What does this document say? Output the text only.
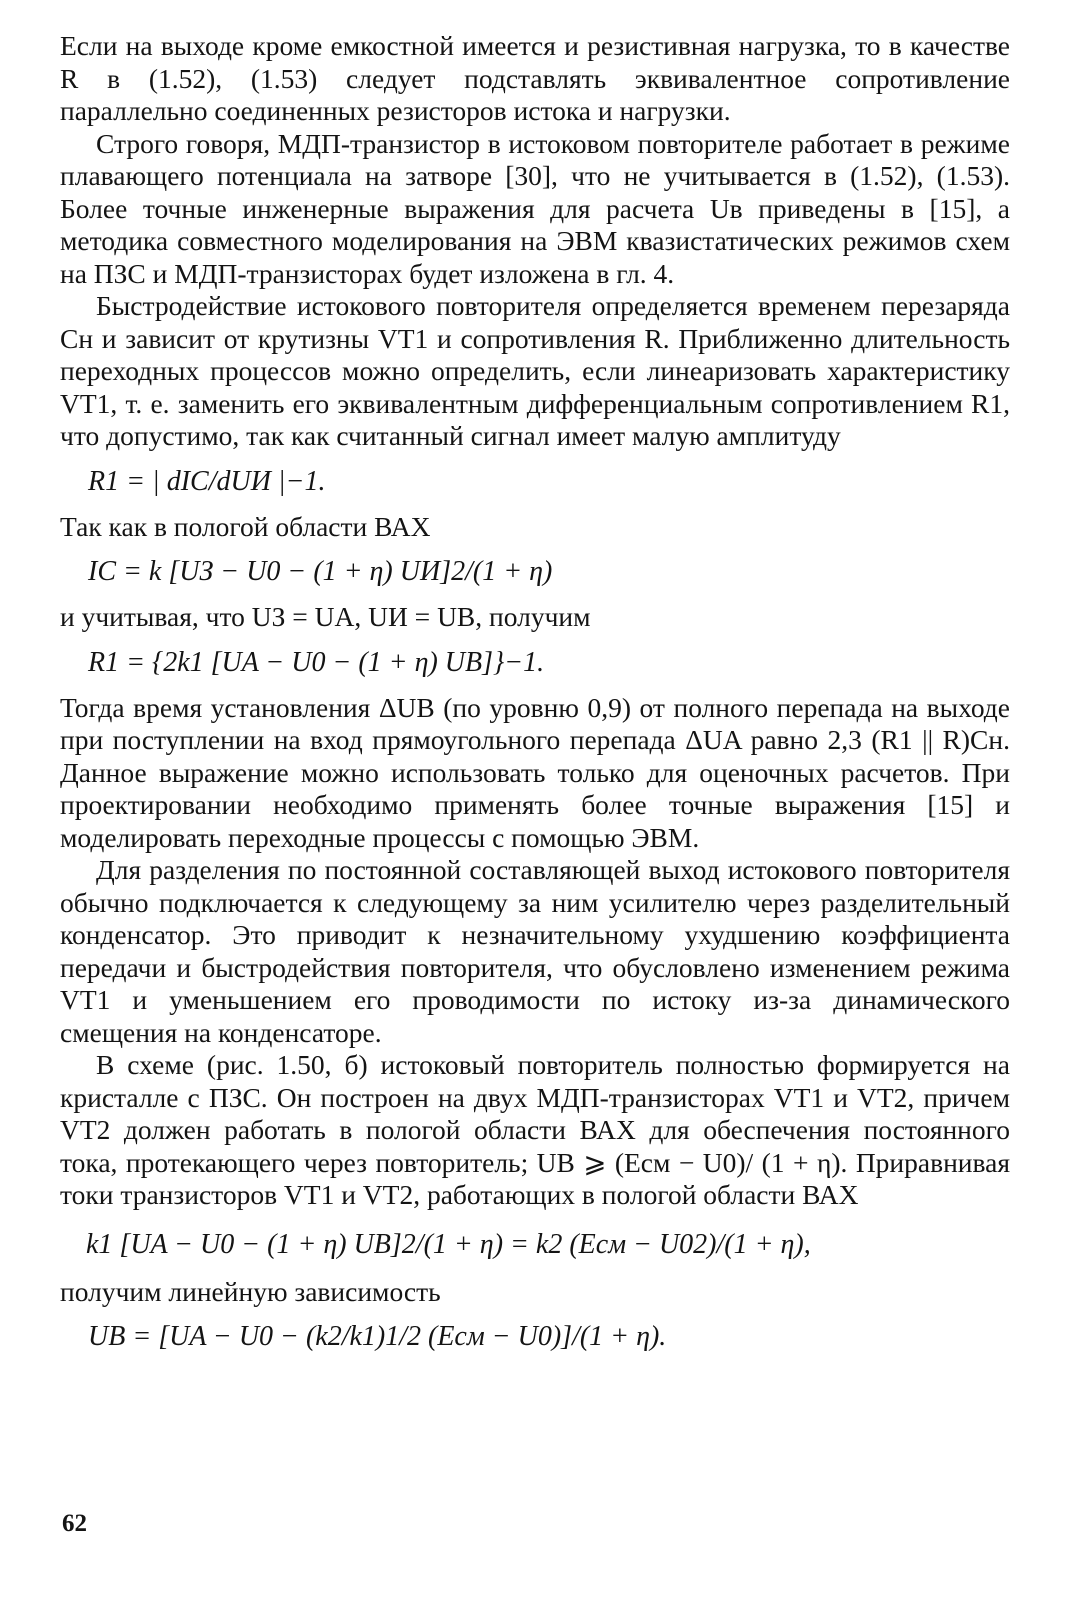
Если на выходе кроме емкостной имеется и резистивная нагрузка, то в качестве R в (1.52), (1.53) следует подставлять эквивалентное сопротивление параллельно соединенных резисторов истока и нагрузки.

Строго говоря, МДП-транзистор в истоковом повторителе работает в режиме плавающего потенциала на затворе [30], что не учитывается в (1.52), (1.53). Более точные инженерные выражения для расчета Uв приведены в [15], а методика совместного моделирования на ЭВМ квазистатических режимов схем на ПЗС и МДП-транзисторах будет изложена в гл. 4.

Быстродействие истокового повторителя определяется временем перезаряда Cн и зависит от крутизны VT1 и сопротивления R. Приближенно длительность переходных процессов можно определить, если линеаризовать характеристику VT1, т. е. заменить его эквивалентным дифференциальным сопротивлением R1, что допустимо, так как считанный сигнал имеет малую амплитуду

R1 = | dIC/dUИ |−1.

Так как в пологой области ВАХ

IC = k [UЗ − U0 − (1 + η) UИ]2/(1 + η)

и учитывая, что UЗ = UA, UИ = UB, получим

R1 = {2k1 [UA − U0 − (1 + η) UB]}−1.

Тогда время установления ΔUB (по уровню 0,9) от полного перепада на выходе при поступлении на вход прямоугольного перепада ΔUA равно 2,3 (R1 || R)Cн. Данное выражение можно использовать только для оценочных расчетов. При проектировании необходимо применять более точные выражения [15] и моделировать переходные процессы с помощью ЭВМ.

Для разделения по постоянной составляющей выход истокового повторителя обычно подключается к следующему за ним усилителю через разделительный конденсатор. Это приводит к незначительному ухудшению коэффициента передачи и быстродействия повторителя, что обусловлено изменением режима VT1 и уменьшением его проводимости по истоку из-за динамического смещения на конденсаторе.

В схеме (рис. 1.50, б) истоковый повторитель полностью формируется на кристалле с ПЗС. Он построен на двух МДП-транзисторах VT1 и VT2, причем VT2 должен работать в пологой области ВАХ для обеспечения постоянного тока, протекающего через повторитель; UB ⩾ (Eсм − U0)/ (1 + η). Приравнивая токи транзисторов VT1 и VT2, работающих в пологой области ВАХ

k1 [UA − U0 − (1 + η) UB]2/(1 + η) = k2 (Eсм − U02)/(1 + η),

получим линейную зависимость

UB = [UA − U0 − (k2/k1)1/2 (Eсм − U0)]/(1 + η).
62
